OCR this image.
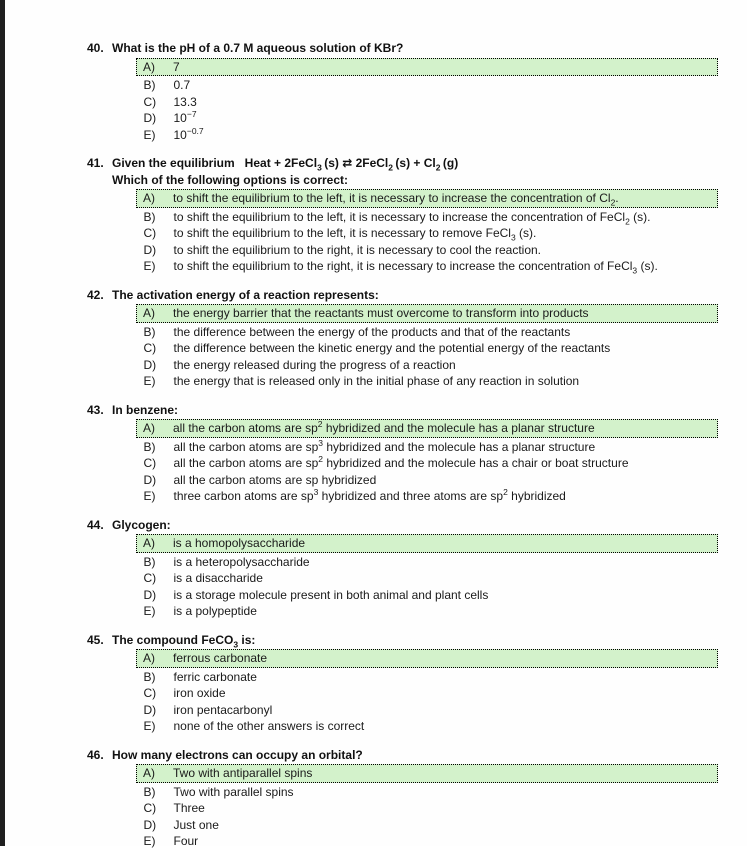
40. What is the pH of a 0.7 M aqueous solution of KBr?
A)	7
B)	0.7
C)	13.3
D)	$10^{-7}$
E)	$10^{-0.7}$
41. Given the equilibrium   Heat + 2FeCl$_3$ (s) ⇄ 2FeCl$_2$ $(s) + Cl_2$ (g)
Which of the following options is correct:
A)	to shift the equilibrium to the left, it is necessary to increase the concentration of $Cl_2$.
B)	to shift the equilibrium to the left, it is necessary to increase the concentration of FeCl$_2$ (s).
C)	to shift the equilibrium to the left, it is necessary to remove FeCl$_3$ (s).
D)	to shift the equilibrium to the right, it is necessary to cool the reaction.
E)	to shift the equilibrium to the right, it is necessary to increase the concentration of FeCl$_3$ (s).
42. The activation energy of a reaction represents:
A)	the energy barrier that the reactants must overcome to transform into products
B)	the difference between the energy of the products and that of the reactants
C)	the difference between the kinetic energy and the potential energy of the reactants
D)	the energy released during the progress of a reaction
E)	the energy that is released only in the initial phase of any reaction in solution
43. In benzene:
A)	all the carbon atoms are $sp^2$ hybridized and the molecule has a planar structure
B)	all the carbon atoms are $sp^3$ hybridized and the molecule has a planar structure
C)	all the carbon atoms are $sp^2$ hybridized and the molecule has a chair or boat structure
D)	all the carbon atoms are sp hybridized
E)	three carbon atoms are $sp^3$ hybridized and three atoms are $sp^2$ hybridized
44. Glycogen:
A)	is a homopolysaccharide
B)	is a heteropolysaccharide
C)	is a disaccharide
D)	is a storage molecule present in both animal and plant cells
E)	is a polypeptide
45. The compound FeCO$_3$ is:
A)	ferrous carbonate
B)	ferric carbonate
C)	iron oxide
D)	iron pentacarbonyl
E)	none of the other answers is correct
46. How many electrons can occupy an orbital?
A)	Two with antiparallel spins
B)	Two with parallel spins
C)	Three
D)	Just one
E)	Four
